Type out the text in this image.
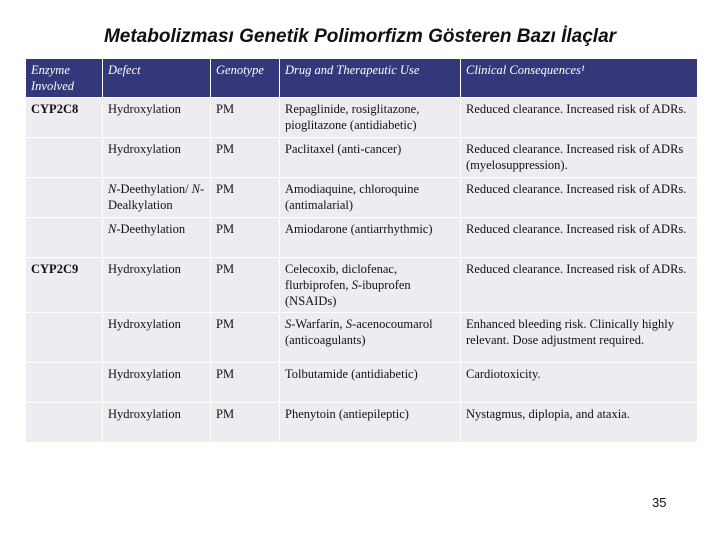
Metabolizması Genetik Polimorfizm Gösteren Bazı İlaçlar
Enzyme Involved	Defect	Genotype	Drug and Therapeutic Use	Clinical Consequences¹
CYP2C8	Hydroxylation	PM	Repaglinide, rosiglitazone, pioglitazone (antidiabetic)	Reduced clearance. Increased risk of ADRs.
	Hydroxylation	PM	Paclitaxel (anti-cancer)	Reduced clearance. Increased risk of ADRs (myelosuppression).
	N-Deethylation/ N-Dealkylation	PM	Amodiaquine, chloroquine (antimalarial)	Reduced clearance. Increased risk of ADRs.
	N-Deethylation	PM	Amiodarone (antiarrhythmic)	Reduced clearance. Increased risk of ADRs.
CYP2C9	Hydroxylation	PM	Celecoxib, diclofenac, flurbiprofen, S-ibuprofen (NSAIDs)	Reduced clearance. Increased risk of ADRs.
	Hydroxylation	PM	S-Warfarin, S-acenocoumarol (anticoagulants)	Enhanced bleeding risk. Clinically highly relevant. Dose adjustment required.
	Hydroxylation	PM	Tolbutamide (antidiabetic)	Cardiotoxicity.
	Hydroxylation	PM	Phenytoin (antiepileptic)	Nystagmus, diplopia, and ataxia.
35
